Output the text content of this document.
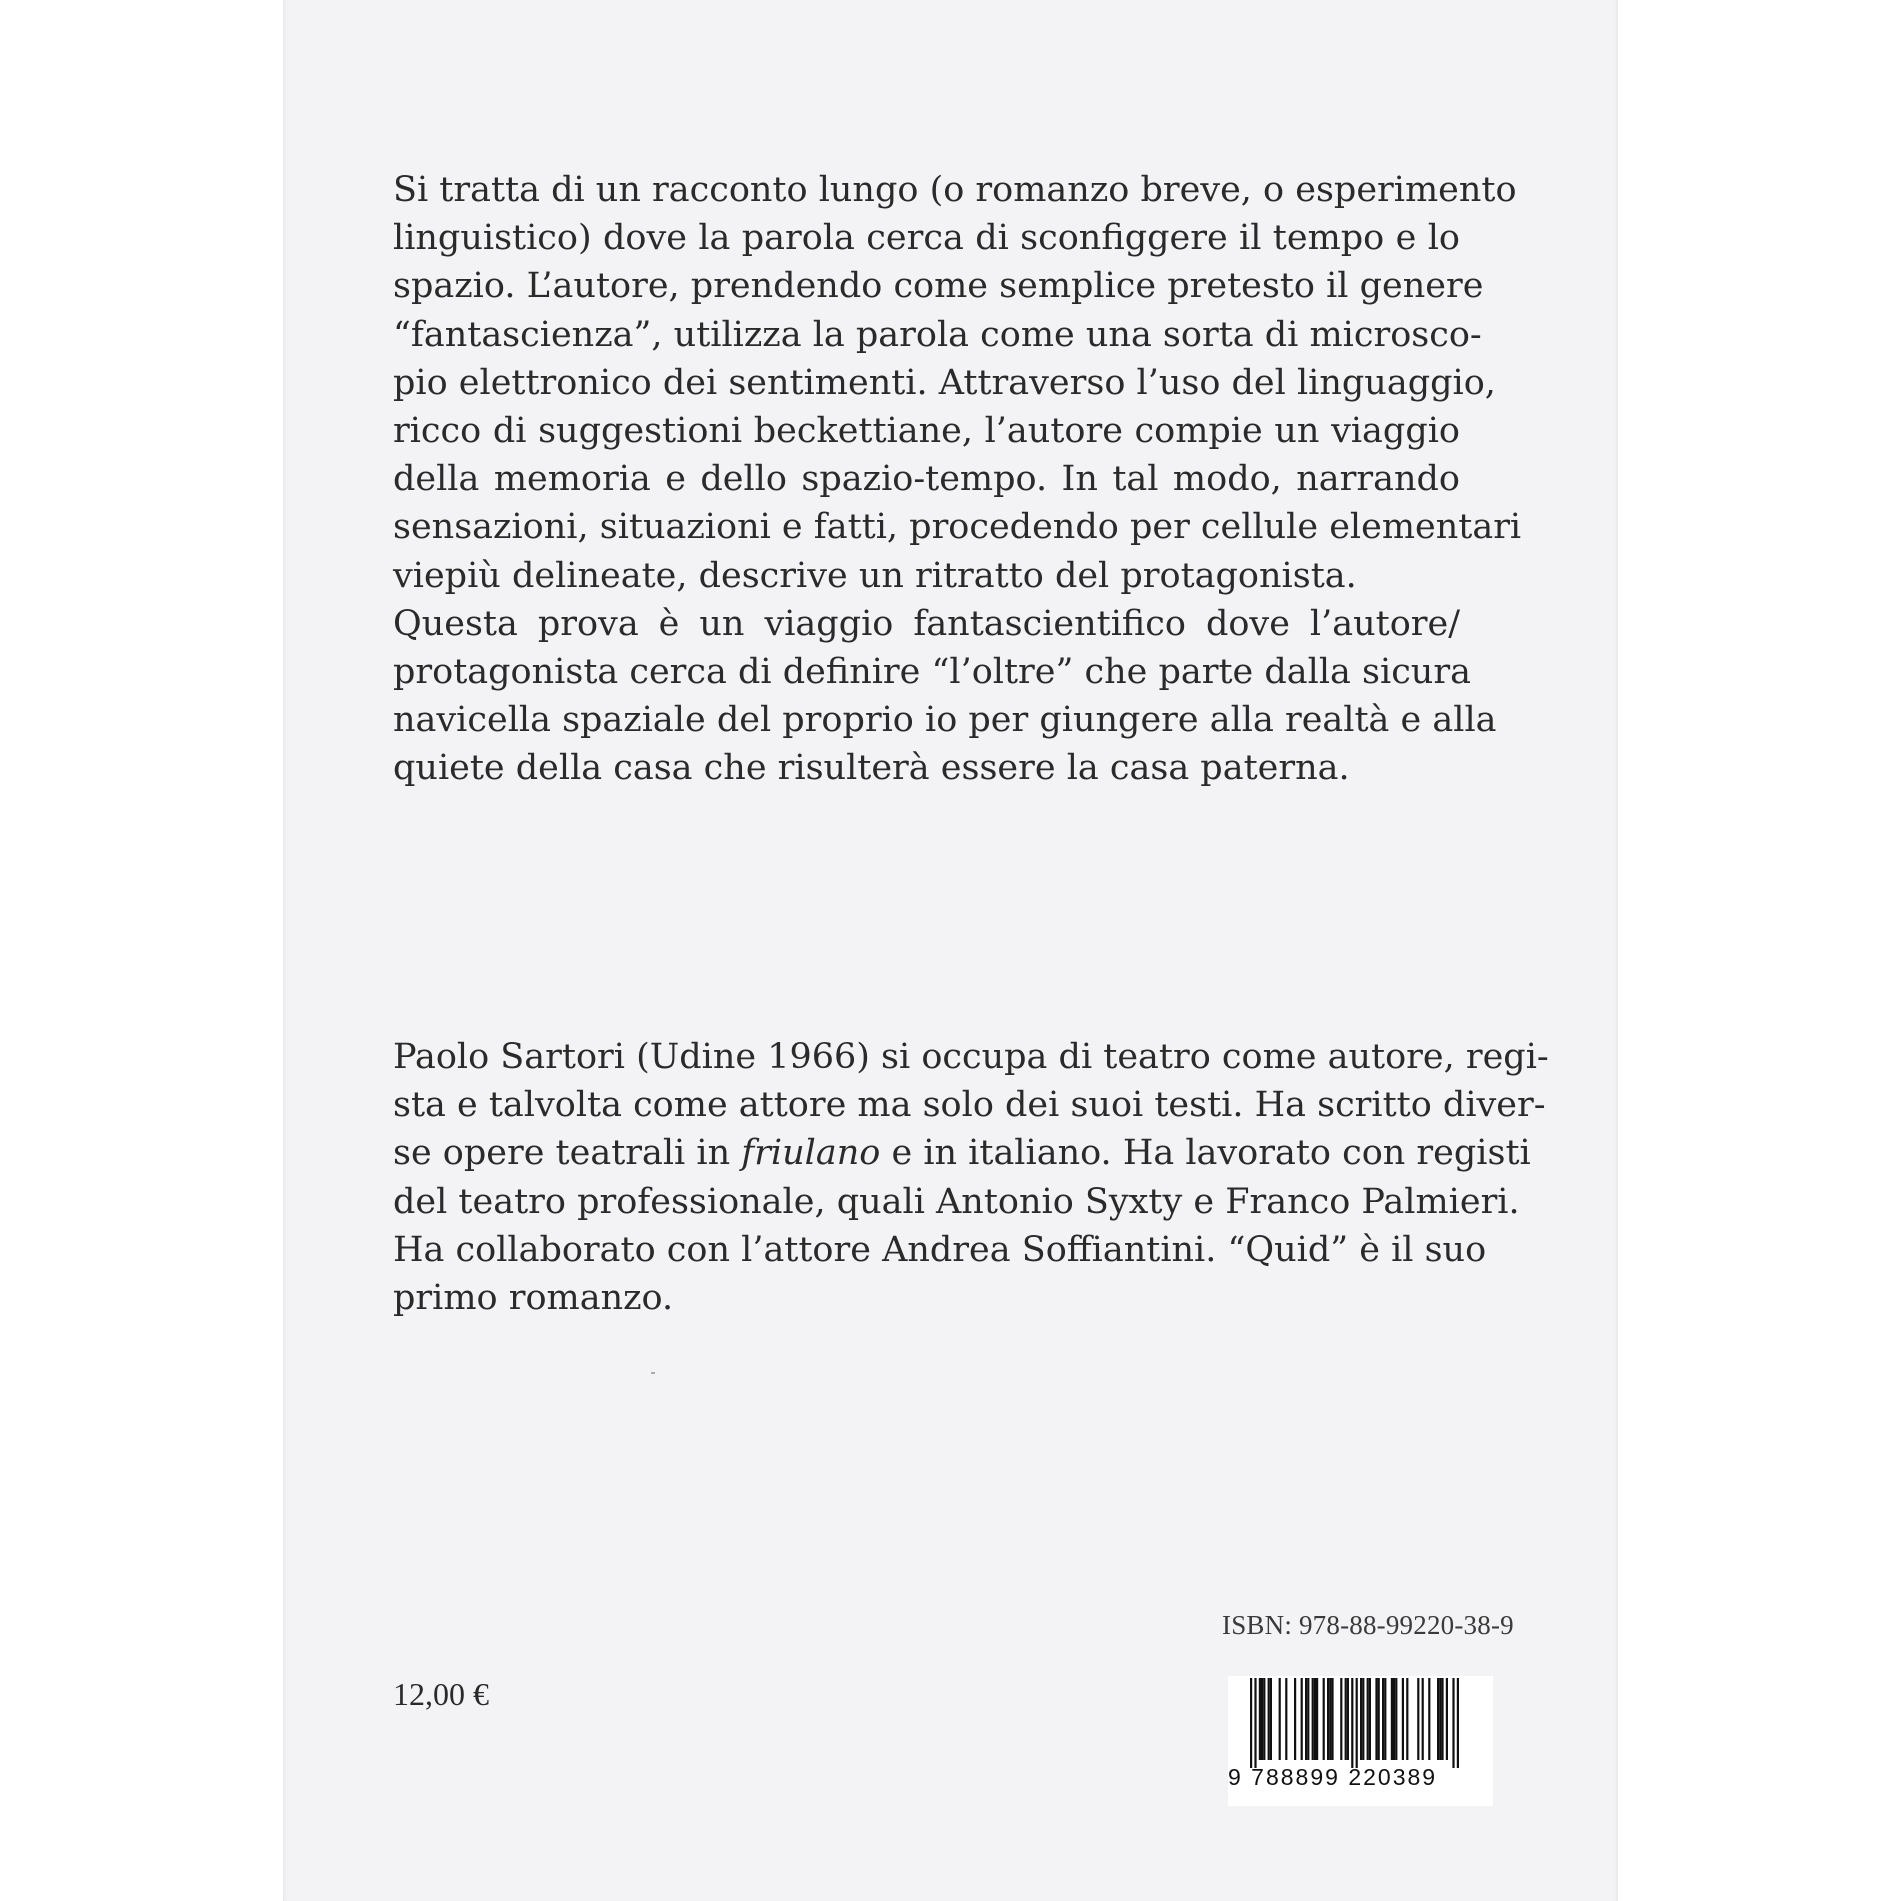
Si tratta di un racconto lungo (o romanzo breve, o esperimento
linguistico) dove la parola cerca di sconfiggere il tempo e lo
spazio. L’autore, prendendo come semplice pretesto il genere
“fantascienza”, utilizza la parola come una sorta di microsco-
pio elettronico dei sentimenti. Attraverso l’uso del linguaggio,
ricco di suggestioni beckettiane, l’autore compie un viaggio
della memoria e dello spazio-tempo. In tal modo, narrando
sensazioni, situazioni e fatti, procedendo per cellule elementari
viepiù delineate, descrive un ritratto del protagonista.
Questa prova è un viaggio fantascientifico dove l’autore/
protagonista cerca di definire “l’oltre” che parte dalla sicura
navicella spaziale del proprio io per giungere alla realtà e alla
quiete della casa che risulterà essere la casa paterna.
Paolo Sartori (Udine 1966) si occupa di teatro come autore, regi-
sta e talvolta come attore ma solo dei suoi testi. Ha scritto diver-
se opere teatrali in friulano e in italiano. Ha lavorato con registi
del teatro professionale, quali Antonio Syxty e Franco Palmieri.
Ha collaborato con l’attore Andrea Soffiantini. “Quid” è il suo
primo romanzo.
ISBN: 978-88-99220-38-9
12,00 €
9 788899 220389
